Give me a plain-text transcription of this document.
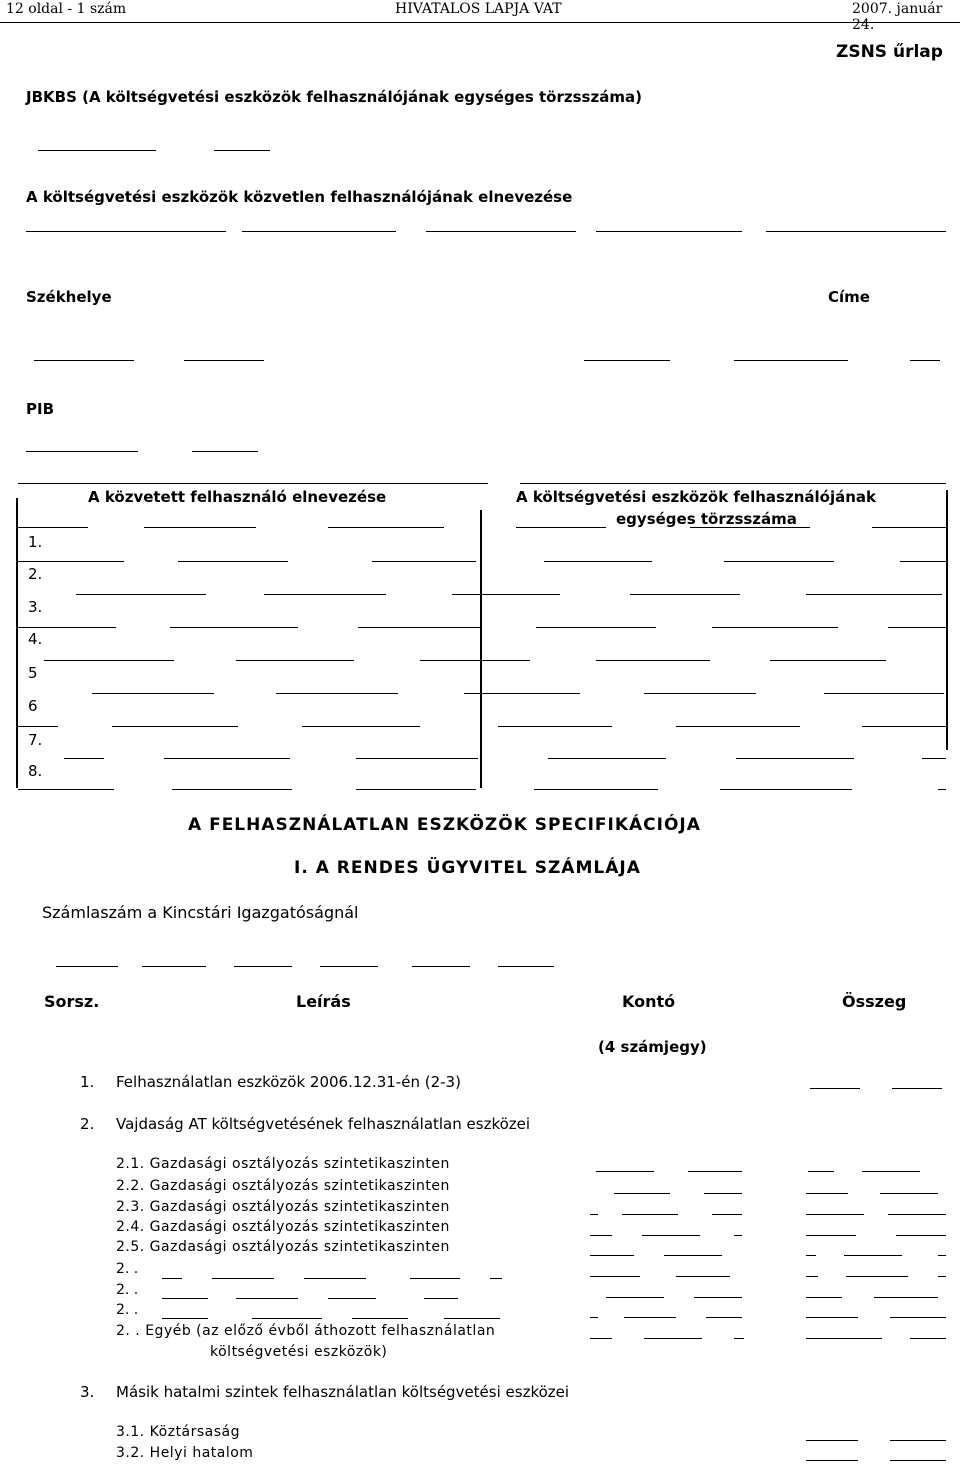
12 oldal - 1 szám	HIVATALOS LAPJA VAT	2007. január 24.
ZSNS űrlap
JBKBS (A költségvetési eszközök felhasználójának egységes törzsszáma)
A költségvetési eszközök közvetlen felhasználójának elnevezése
Székhelye	Címe
PIB
A közvetett felhasználó elnevezése	A költségvetési eszközök felhasználójának
egységes törzsszáma
1.
2.
3.
4.
5
6
7.
8.
A FELHASZNÁLATLAN ESZKÖZÖK SPECIFIKÁCIÓJA
I. A RENDES ÜGYVITEL SZÁMLÁJA
Számlaszám a Kincstári Igazgatóságnál
Sorsz.	Leírás	Kontó	Összeg
(4 számjegy)
1. Felhasználatlan eszközök 2006.12.31-én (2-3)
2. Vajdaság AT költségvetésének felhasználatlan eszközei
2.1. Gazdasági osztályozás szintetikaszinten
2.2. Gazdasági osztályozás szintetikaszinten
2.3. Gazdasági osztályozás szintetikaszinten
2.4. Gazdasági osztályozás szintetikaszinten
2.5. Gazdasági osztályozás szintetikaszinten
2. .
2. .
2. .
2. . Egyéb (az előző évből áthozott felhasználatlan
költségvetési eszközök)
3. Másik hatalmi szintek felhasználatlan költségvetési eszközei
3.1. Köztársaság
3.2. Helyi hatalom
